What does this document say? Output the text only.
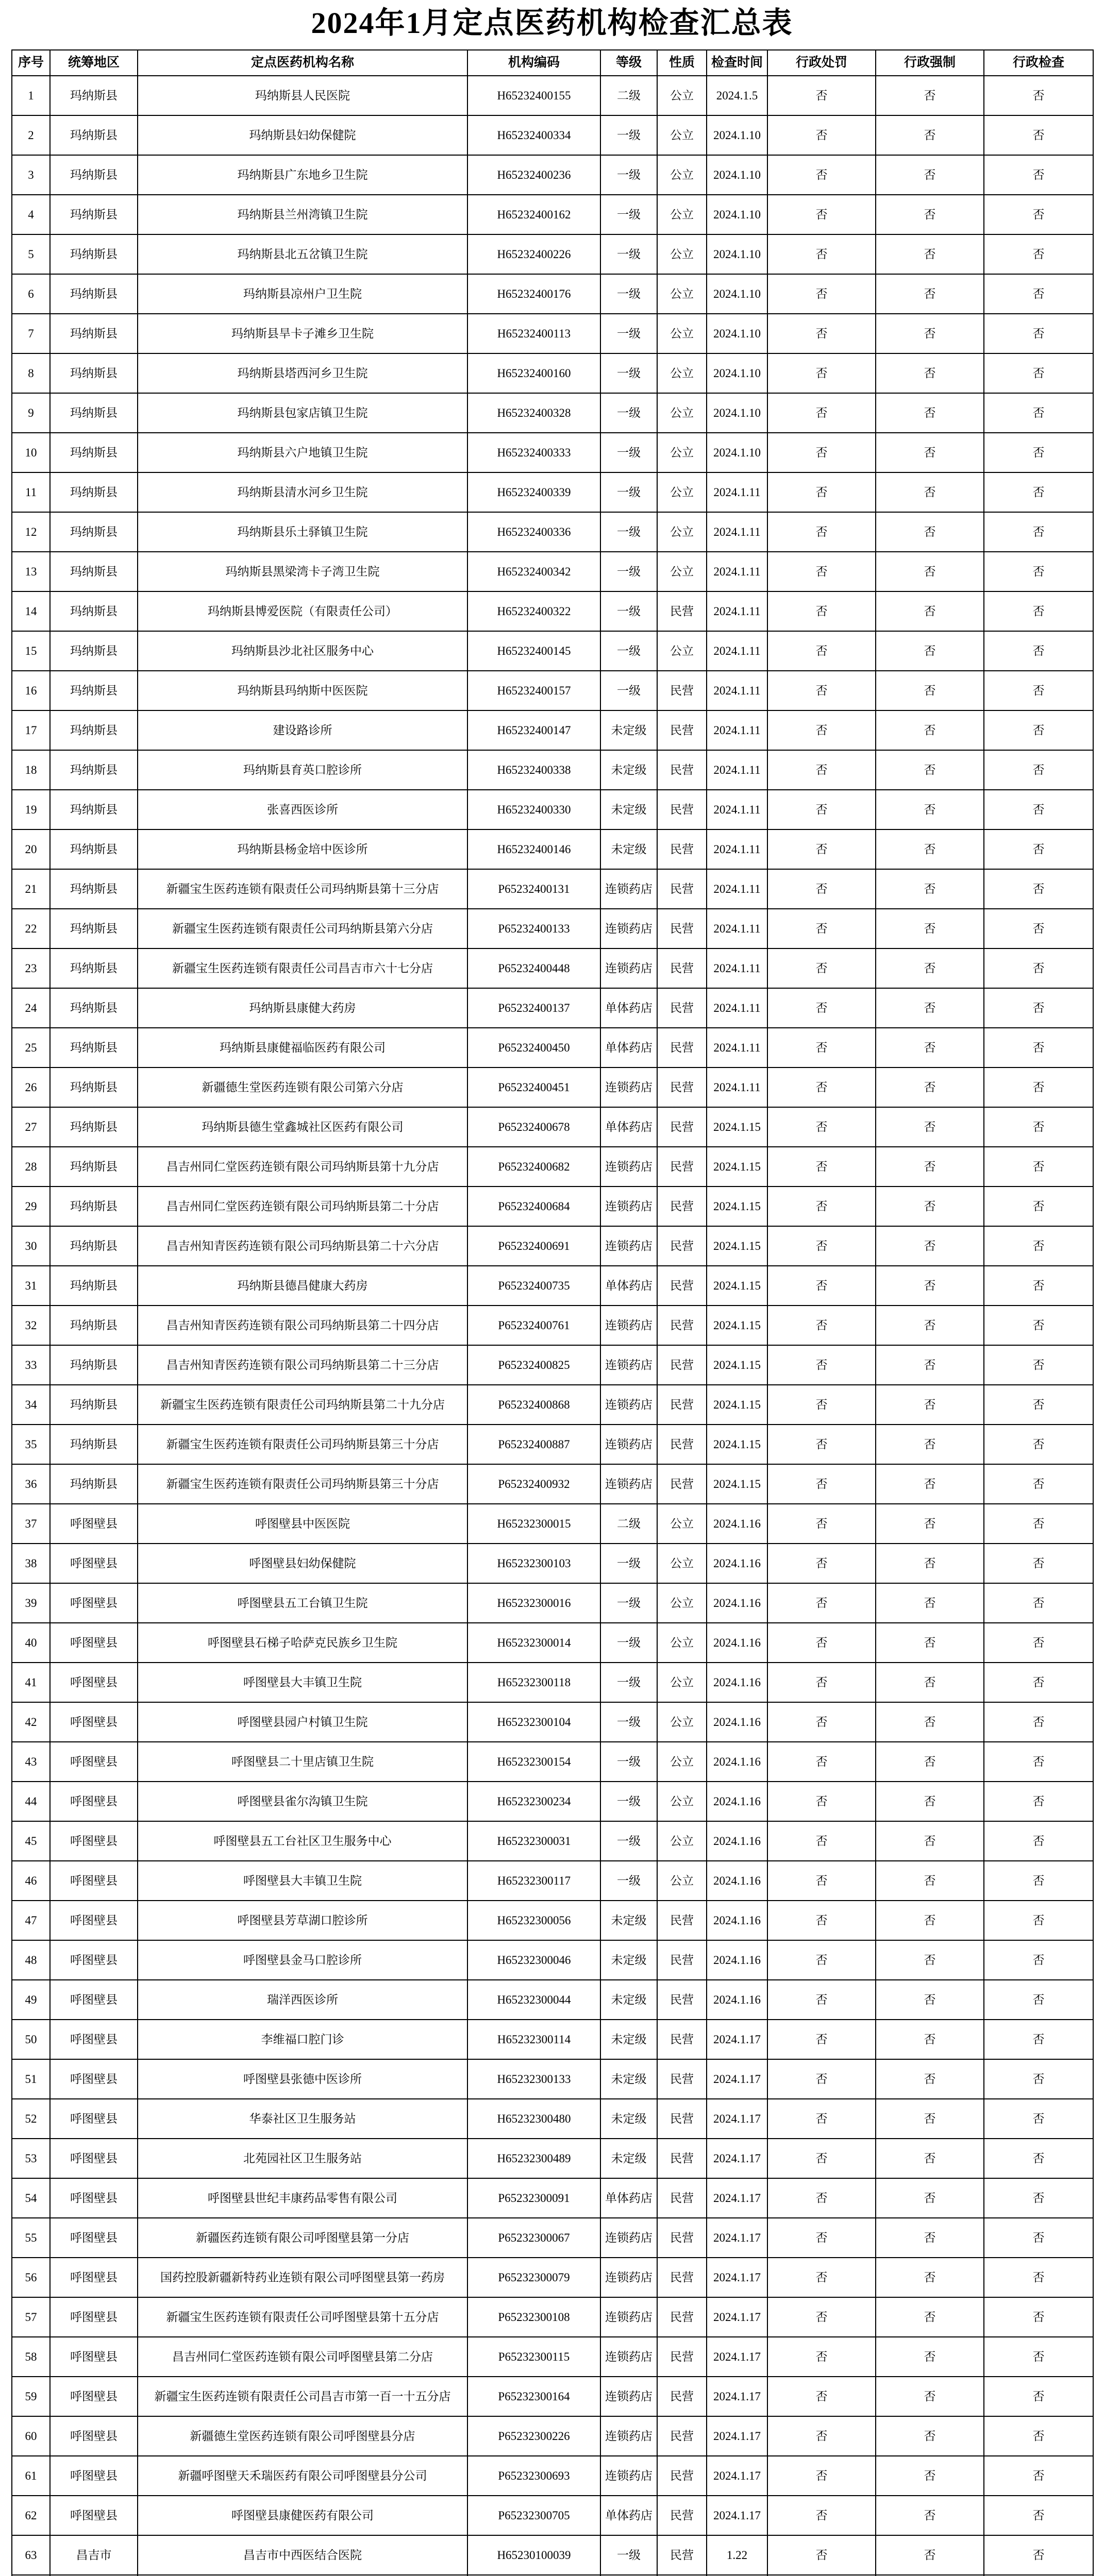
2024年1月定点医药机构检查汇总表
序号	统筹地区	定点医药机构名称	机构编码	等级	性质	检查时间	行政处罚	行政强制	行政检查
1	玛纳斯县	玛纳斯县人民医院	H65232400155	二级	公立	2024.1.5	否	否	否
2	玛纳斯县	玛纳斯县妇幼保健院	H65232400334	一级	公立	2024.1.10	否	否	否
3	玛纳斯县	玛纳斯县广东地乡卫生院	H65232400236	一级	公立	2024.1.10	否	否	否
4	玛纳斯县	玛纳斯县兰州湾镇卫生院	H65232400162	一级	公立	2024.1.10	否	否	否
5	玛纳斯县	玛纳斯县北五岔镇卫生院	H65232400226	一级	公立	2024.1.10	否	否	否
6	玛纳斯县	玛纳斯县凉州户卫生院	H65232400176	一级	公立	2024.1.10	否	否	否
7	玛纳斯县	玛纳斯县旱卡子滩乡卫生院	H65232400113	一级	公立	2024.1.10	否	否	否
8	玛纳斯县	玛纳斯县塔西河乡卫生院	H65232400160	一级	公立	2024.1.10	否	否	否
9	玛纳斯县	玛纳斯县包家店镇卫生院	H65232400328	一级	公立	2024.1.10	否	否	否
10	玛纳斯县	玛纳斯县六户地镇卫生院	H65232400333	一级	公立	2024.1.10	否	否	否
11	玛纳斯县	玛纳斯县清水河乡卫生院	H65232400339	一级	公立	2024.1.11	否	否	否
12	玛纳斯县	玛纳斯县乐土驿镇卫生院	H65232400336	一级	公立	2024.1.11	否	否	否
13	玛纳斯县	玛纳斯县黑梁湾卡子湾卫生院	H65232400342	一级	公立	2024.1.11	否	否	否
14	玛纳斯县	玛纳斯县博爱医院（有限责任公司）	H65232400322	一级	民营	2024.1.11	否	否	否
15	玛纳斯县	玛纳斯县沙北社区服务中心	H65232400145	一级	公立	2024.1.11	否	否	否
16	玛纳斯县	玛纳斯县玛纳斯中医医院	H65232400157	一级	民营	2024.1.11	否	否	否
17	玛纳斯县	建设路诊所	H65232400147	未定级	民营	2024.1.11	否	否	否
18	玛纳斯县	玛纳斯县育英口腔诊所	H65232400338	未定级	民营	2024.1.11	否	否	否
19	玛纳斯县	张喜西医诊所	H65232400330	未定级	民营	2024.1.11	否	否	否
20	玛纳斯县	玛纳斯县杨金培中医诊所	H65232400146	未定级	民营	2024.1.11	否	否	否
21	玛纳斯县	新疆宝生医药连锁有限责任公司玛纳斯县第十三分店	P65232400131	连锁药店	民营	2024.1.11	否	否	否
22	玛纳斯县	新疆宝生医药连锁有限责任公司玛纳斯县第六分店	P65232400133	连锁药店	民营	2024.1.11	否	否	否
23	玛纳斯县	新疆宝生医药连锁有限责任公司昌吉市六十七分店	P65232400448	连锁药店	民营	2024.1.11	否	否	否
24	玛纳斯县	玛纳斯县康健大药房	P65232400137	单体药店	民营	2024.1.11	否	否	否
25	玛纳斯县	玛纳斯县康健福临医药有限公司	P65232400450	单体药店	民营	2024.1.11	否	否	否
26	玛纳斯县	新疆德生堂医药连锁有限公司第六分店	P65232400451	连锁药店	民营	2024.1.11	否	否	否
27	玛纳斯县	玛纳斯县德生堂鑫城社区医药有限公司	P65232400678	单体药店	民营	2024.1.15	否	否	否
28	玛纳斯县	昌吉州同仁堂医药连锁有限公司玛纳斯县第十九分店	P65232400682	连锁药店	民营	2024.1.15	否	否	否
29	玛纳斯县	昌吉州同仁堂医药连锁有限公司玛纳斯县第二十分店	P65232400684	连锁药店	民营	2024.1.15	否	否	否
30	玛纳斯县	昌吉州知青医药连锁有限公司玛纳斯县第二十六分店	P65232400691	连锁药店	民营	2024.1.15	否	否	否
31	玛纳斯县	玛纳斯县德昌健康大药房	P65232400735	单体药店	民营	2024.1.15	否	否	否
32	玛纳斯县	昌吉州知青医药连锁有限公司玛纳斯县第二十四分店	P65232400761	连锁药店	民营	2024.1.15	否	否	否
33	玛纳斯县	昌吉州知青医药连锁有限公司玛纳斯县第二十三分店	P65232400825	连锁药店	民营	2024.1.15	否	否	否
34	玛纳斯县	新疆宝生医药连锁有限责任公司玛纳斯县第二十九分店	P65232400868	连锁药店	民营	2024.1.15	否	否	否
35	玛纳斯县	新疆宝生医药连锁有限责任公司玛纳斯县第三十分店	P65232400887	连锁药店	民营	2024.1.15	否	否	否
36	玛纳斯县	新疆宝生医药连锁有限责任公司玛纳斯县第三十分店	P65232400932	连锁药店	民营	2024.1.15	否	否	否
37	呼图壁县	呼图壁县中医医院	H65232300015	二级	公立	2024.1.16	否	否	否
38	呼图壁县	呼图壁县妇幼保健院	H65232300103	一级	公立	2024.1.16	否	否	否
39	呼图壁县	呼图壁县五工台镇卫生院	H65232300016	一级	公立	2024.1.16	否	否	否
40	呼图壁县	呼图壁县石梯子哈萨克民族乡卫生院	H65232300014	一级	公立	2024.1.16	否	否	否
41	呼图壁县	呼图壁县大丰镇卫生院	H65232300118	一级	公立	2024.1.16	否	否	否
42	呼图壁县	呼图壁县园户村镇卫生院	H65232300104	一级	公立	2024.1.16	否	否	否
43	呼图壁县	呼图壁县二十里店镇卫生院	H65232300154	一级	公立	2024.1.16	否	否	否
44	呼图壁县	呼图壁县雀尔沟镇卫生院	H65232300234	一级	公立	2024.1.16	否	否	否
45	呼图壁县	呼图壁县五工台社区卫生服务中心	H65232300031	一级	公立	2024.1.16	否	否	否
46	呼图壁县	呼图壁县大丰镇卫生院	H65232300117	一级	公立	2024.1.16	否	否	否
47	呼图壁县	呼图壁县芳草湖口腔诊所	H65232300056	未定级	民营	2024.1.16	否	否	否
48	呼图壁县	呼图壁县金马口腔诊所	H65232300046	未定级	民营	2024.1.16	否	否	否
49	呼图壁县	瑞洋西医诊所	H65232300044	未定级	民营	2024.1.16	否	否	否
50	呼图壁县	李维福口腔门诊	H65232300114	未定级	民营	2024.1.17	否	否	否
51	呼图壁县	呼图壁县张德中医诊所	H65232300133	未定级	民营	2024.1.17	否	否	否
52	呼图壁县	华泰社区卫生服务站	H65232300480	未定级	民营	2024.1.17	否	否	否
53	呼图壁县	北苑园社区卫生服务站	H65232300489	未定级	民营	2024.1.17	否	否	否
54	呼图壁县	呼图壁县世纪丰康药品零售有限公司	P65232300091	单体药店	民营	2024.1.17	否	否	否
55	呼图壁县	新疆医药连锁有限公司呼图壁县第一分店	P65232300067	连锁药店	民营	2024.1.17	否	否	否
56	呼图壁县	国药控股新疆新特药业连锁有限公司呼图壁县第一药房	P65232300079	连锁药店	民营	2024.1.17	否	否	否
57	呼图壁县	新疆宝生医药连锁有限责任公司呼图壁县第十五分店	P65232300108	连锁药店	民营	2024.1.17	否	否	否
58	呼图壁县	昌吉州同仁堂医药连锁有限公司呼图壁县第二分店	P65232300115	连锁药店	民营	2024.1.17	否	否	否
59	呼图壁县	新疆宝生医药连锁有限责任公司昌吉市第一百一十五分店	P65232300164	连锁药店	民营	2024.1.17	否	否	否
60	呼图壁县	新疆德生堂医药连锁有限公司呼图壁县分店	P65232300226	连锁药店	民营	2024.1.17	否	否	否
61	呼图壁县	新疆呼图壁天禾瑞医药有限公司呼图壁县分公司	P65232300693	连锁药店	民营	2024.1.17	否	否	否
62	呼图壁县	呼图壁县康健医药有限公司	P65232300705	单体药店	民营	2024.1.17	否	否	否
63	昌吉市	昌吉市中西医结合医院	H65230100039	一级	民营	1.22	否	否	否
